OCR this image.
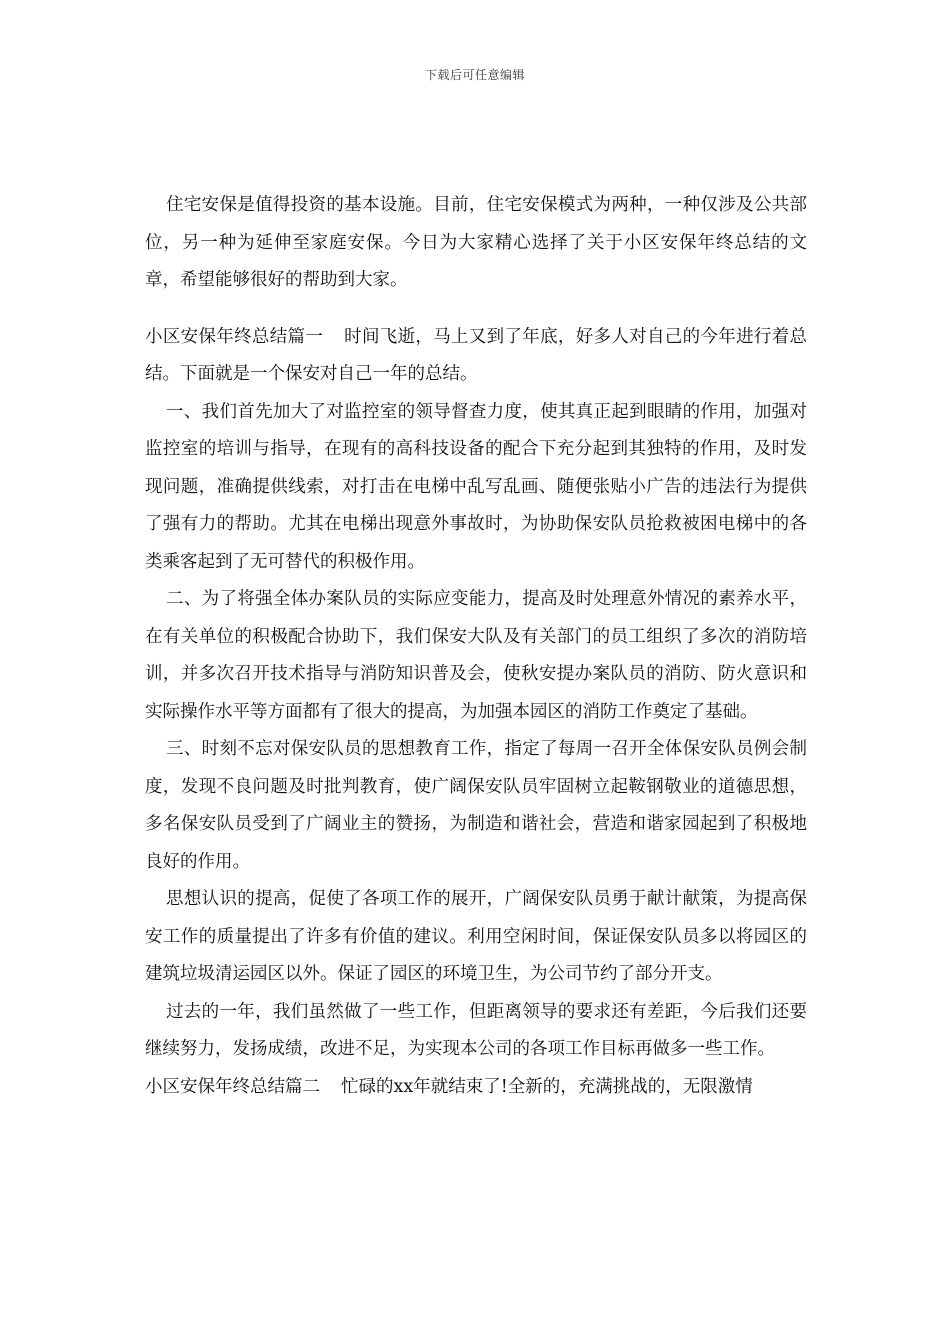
下载后可任意编辑

住宅安保是值得投资的基本设施。目前，住宅安保模式为两种，一种仅涉及公共部位，另一种为延伸至家庭安保。今日为大家精心选择了关于小区安保年终总结的文章，希望能够很好的帮助到大家。

小区安保年终总结篇一 时间飞逝，马上又到了年底，好多人对自己的今年进行着总结。下面就是一个保安对自己一年的总结。

一、我们首先加大了对监控室的领导督查力度，使其真正起到眼睛的作用，加强对监控室的培训与指导，在现有的高科技设备的配合下充分起到其独特的作用，及时发现问题，准确提供线索，对打击在电梯中乱写乱画、随便张贴小广告的违法行为提供了强有力的帮助。尤其在电梯出现意外事故时，为协助保安队员抢救被困电梯中的各类乘客起到了无可替代的积极作用。

二、为了将强全体办案队员的实际应变能力，提高及时处理意外情况的素养水平，在有关单位的积极配合协助下，我们保安大队及有关部门的员工组织了多次的消防培训，并多次召开技术指导与消防知识普及会，使秋安提办案队员的消防、防火意识和实际操作水平等方面都有了很大的提高，为加强本园区的消防工作奠定了基础。

三、时刻不忘对保安队员的思想教育工作，指定了每周一召开全体保安队员例会制度，发现不良问题及时批判教育，使广阔保安队员牢固树立起鞍钢敬业的道德思想，多名保安队员受到了广阔业主的赞扬，为制造和谐社会，营造和谐家园起到了积极地良好的作用。

思想认识的提高，促使了各项工作的展开，广阔保安队员勇于献计献策，为提高保安工作的质量提出了许多有价值的建议。利用空闲时间，保证保安队员多以将园区的建筑垃圾清运园区以外。保证了园区的环境卫生，为公司节约了部分开支。

过去的一年，我们虽然做了一些工作，但距离领导的要求还有差距，今后我们还要继续努力，发扬成绩，改进不足，为实现本公司的各项工作目标再做多一些工作。

小区安保年终总结篇二 忙碌的xx年就结束了!全新的，充满挑战的，无限激情
